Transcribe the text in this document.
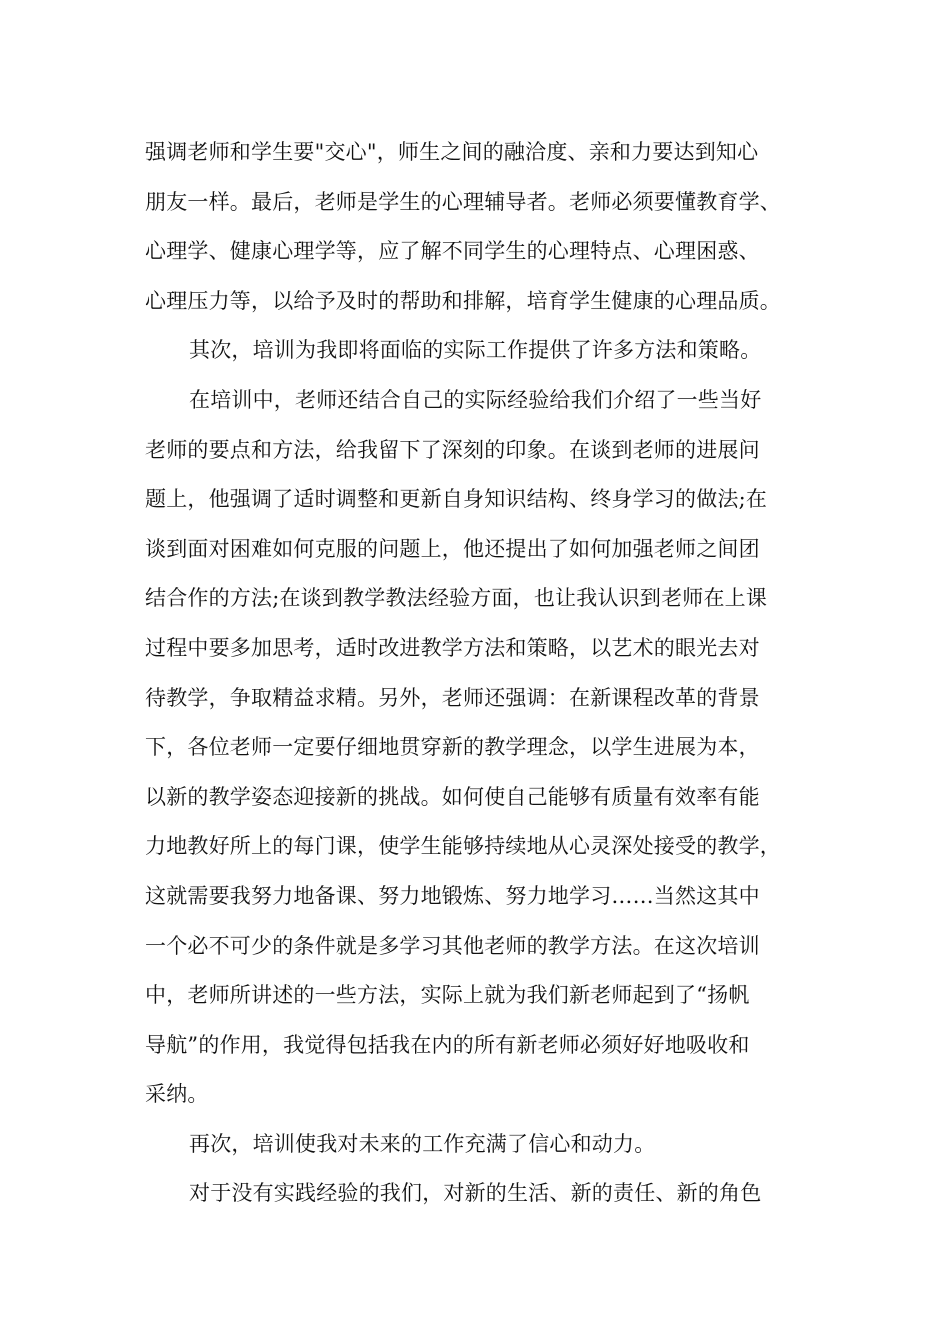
强调老师和学生要"交心"，师生之间的融洽度、亲和力要达到知心
朋友一样。最后，老师是学生的心理辅导者。老师必须要懂教育学、
心理学、健康心理学等，应了解不同学生的心理特点、心理困惑、
心理压力等，以给予及时的帮助和排解，培育学生健康的心理品质。
其次，培训为我即将面临的实际工作提供了许多方法和策略。
在培训中，老师还结合自己的实际经验给我们介绍了一些当好
老师的要点和方法，给我留下了深刻的印象。在谈到老师的进展问
题上，他强调了适时调整和更新自身知识结构、终身学习的做法;在
谈到面对困难如何克服的问题上，他还提出了如何加强老师之间团
结合作的方法;在谈到教学教法经验方面，也让我认识到老师在上课
过程中要多加思考，适时改进教学方法和策略，以艺术的眼光去对
待教学，争取精益求精。另外，老师还强调：在新课程改革的背景
下，各位老师一定要仔细地贯穿新的教学理念，以学生进展为本，
以新的教学姿态迎接新的挑战。如何使自己能够有质量有效率有能
力地教好所上的每门课，使学生能够持续地从心灵深处接受的教学，
这就需要我努力地备课、努力地锻炼、努力地学习……当然这其中
一个必不可少的条件就是多学习其他老师的教学方法。在这次培训
中，老师所讲述的一些方法，实际上就为我们新老师起到了“扬帆
导航”的作用，我觉得包括我在内的所有新老师必须好好地吸收和
采纳。
再次，培训使我对未来的工作充满了信心和动力。
对于没有实践经验的我们，对新的生活、新的责任、新的角色
